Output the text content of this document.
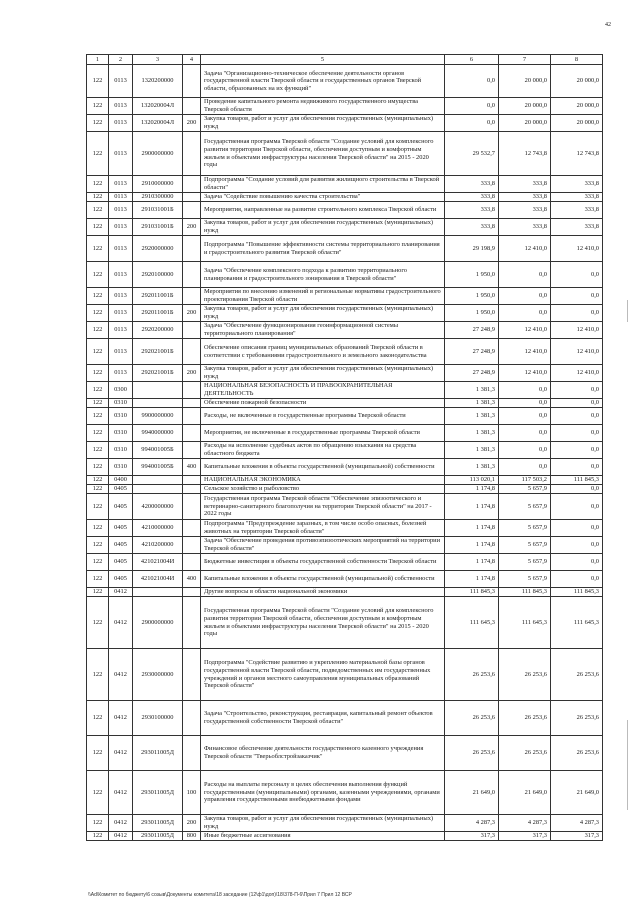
42
1	2	3	4	5	6	7	8
122	0113	1320200000		Задача "Организационно-техническое обеспечение деятельности органов государственной власти Тверской области и государственных органов Тверской области, образованных на их функций"	0,0	20 000,0	20 000,0
122	0113	132020004Л		Проведение капитального ремонта недвижимого государственного имущества Тверской области	0,0	20 000,0	20 000,0
122	0113	132020004Л	200	Закупка товаров, работ и услуг для обеспечения государственных (муниципальных) нужд	0,0	20 000,0	20 000,0
122	0113	2900000000		Государственная программа Тверской области "Создание условий для комплексного развития территории Тверской области, обеспечения доступным и комфортным жильем и объектами инфраструктуры населения Тверской области" на 2015 - 2020 годы	29 532,7	12 743,8	12 743,8
122	0113	2910000000		Подпрограмма "Создание условий для развития жилищного строительства в Тверской области"	333,8	333,8	333,8
122	0113	2910300000		Задача "Содействие повышению качества строительства"	333,8	333,8	333,8
122	0113	291031001Б		Мероприятия, направленные на развитие строительного комплекса Тверской области	333,8	333,8	333,8
122	0113	291031001Б	200	Закупка товаров, работ и услуг для обеспечения государственных (муниципальных) нужд	333,8	333,8	333,8
122	0113	2920000000		Подпрограмма "Повышение эффективности системы территориального планирования и градостроительного развития Тверской области"	29 198,9	12 410,0	12 410,0
122	0113	2920100000		Задача "Обеспечение комплексного подхода к развитию территориального планирования и градостроительного зонирования в Тверской области"	1 950,0	0,0	0,0
122	0113	292011001Б		Мероприятия по внесению изменений в региональные нормативы градостроительного проектирования Тверской области	1 950,0	0,0	0,0
122	0113	292011001Б	200	Закупка товаров, работ и услуг для обеспечения государственных (муниципальных) нужд	1 950,0	0,0	0,0
122	0113	2920200000		Задача "Обеспечение функционирования геоинформационной системы территориального планирования"	27 248,9	12 410,0	12 410,0
122	0113	292021001Б		Обеспечение описания границ муниципальных образований Тверской области в соответствии с требованиями градостроительного и земельного законодательства	27 248,9	12 410,0	12 410,0
122	0113	292021001Б	200	Закупка товаров, работ и услуг для обеспечения государственных (муниципальных) нужд	27 248,9	12 410,0	12 410,0
122	0300			НАЦИОНАЛЬНАЯ БЕЗОПАСНОСТЬ И ПРАВООХРАНИТЕЛЬНАЯ ДЕЯТЕЛЬНОСТЬ	1 381,3	0,0	0,0
122	0310			Обеспечение пожарной безопасности	1 381,3	0,0	0,0
122	0310	9900000000		Расходы, не включенные в государственные программы Тверской области	1 381,3	0,0	0,0
122	0310	9940000000		Мероприятия, не включенные в государственные программы Тверской области	1 381,3	0,0	0,0
122	0310	994001005Б		Расходы на исполнение судебных актов по обращению взыскания на средства областного бюджета	1 381,3	0,0	0,0
122	0310	994001005Б	400	Капитальные вложения в объекты государственной (муниципальной) собственности	1 381,3	0,0	0,0
122	0400			НАЦИОНАЛЬНАЯ ЭКОНОМИКА	113 020,1	117 503,2	111 845,3
122	0405			Сельское хозяйство и рыболовство	1 174,8	5 657,9	0,0
122	0405	4200000000		Государственная программа Тверской области "Обеспечение эпизоотического и ветеринарно-санитарного благополучия на территории Тверской области" на 2017 - 2022 годы	1 174,8	5 657,9	0,0
122	0405	4210000000		Подпрограмма "Предупреждение заразных, в том числе особо опасных, болезней животных на территории Тверской области"	1 174,8	5 657,9	0,0
122	0405	4210200000		Задача "Обеспечение проведения противоэпизоотических мероприятий на территории Тверской области"	1 174,8	5 657,9	0,0
122	0405	421021004И		Бюджетные инвестиции в объекты государственной собственности Тверской области	1 174,8	5 657,9	0,0
122	0405	421021004И	400	Капитальные вложения в объекты государственной (муниципальной) собственности	1 174,8	5 657,9	0,0
122	0412			Другие вопросы в области национальной экономики	111 845,3	111 845,3	111 845,3
122	0412	2900000000		Государственная программа Тверской области "Создание условий для комплексного развития территории Тверской области, обеспечения доступным и комфортным жильем и объектами инфраструктуры населения Тверской области" на 2015 - 2020 годы	111 645,3	111 645,3	111 645,3
122	0412	2930000000		Подпрограмма "Содействие развитию и укреплению материальной базы органов государственной власти Тверской области, подведомственных им государственных учреждений и органов местного самоуправления муниципальных образований Тверской области"	26 253,6	26 253,6	26 253,6
122	0412	2930100000		Задача "Строительство, реконструкция, реставрация, капитальный ремонт объектов государственной собственности Тверской области"	26 253,6	26 253,6	26 253,6
122	0412	293011005Д		Финансовое обеспечение деятельности государственного казенного учреждения Тверской области "Тверьоблстройзаказчик"	26 253,6	26 253,6	26 253,6
122	0412	293011005Д	100	Расходы на выплаты персоналу в целях обеспечения выполнения функций государственными (муниципальными) органами, казенными учреждениями, органами управления государственными внебюджетными фондами	21 649,0	21 649,0	21 649,0
122	0412	293011005Д	200	Закупка товаров, работ и услуг для обеспечения государственных (муниципальных) нужд	4 287,3	4 287,3	4 287,3
122	0412	293011005Д	800	Иные бюджетные ассигнования	317,3	317,3	317,3
\\Ad\Комитет по бюджету\6 созыв\Документы комитета\18 заседание (12\ф1\доп)\18\378-П-6\Прил 7 Прил 12 ВСР
